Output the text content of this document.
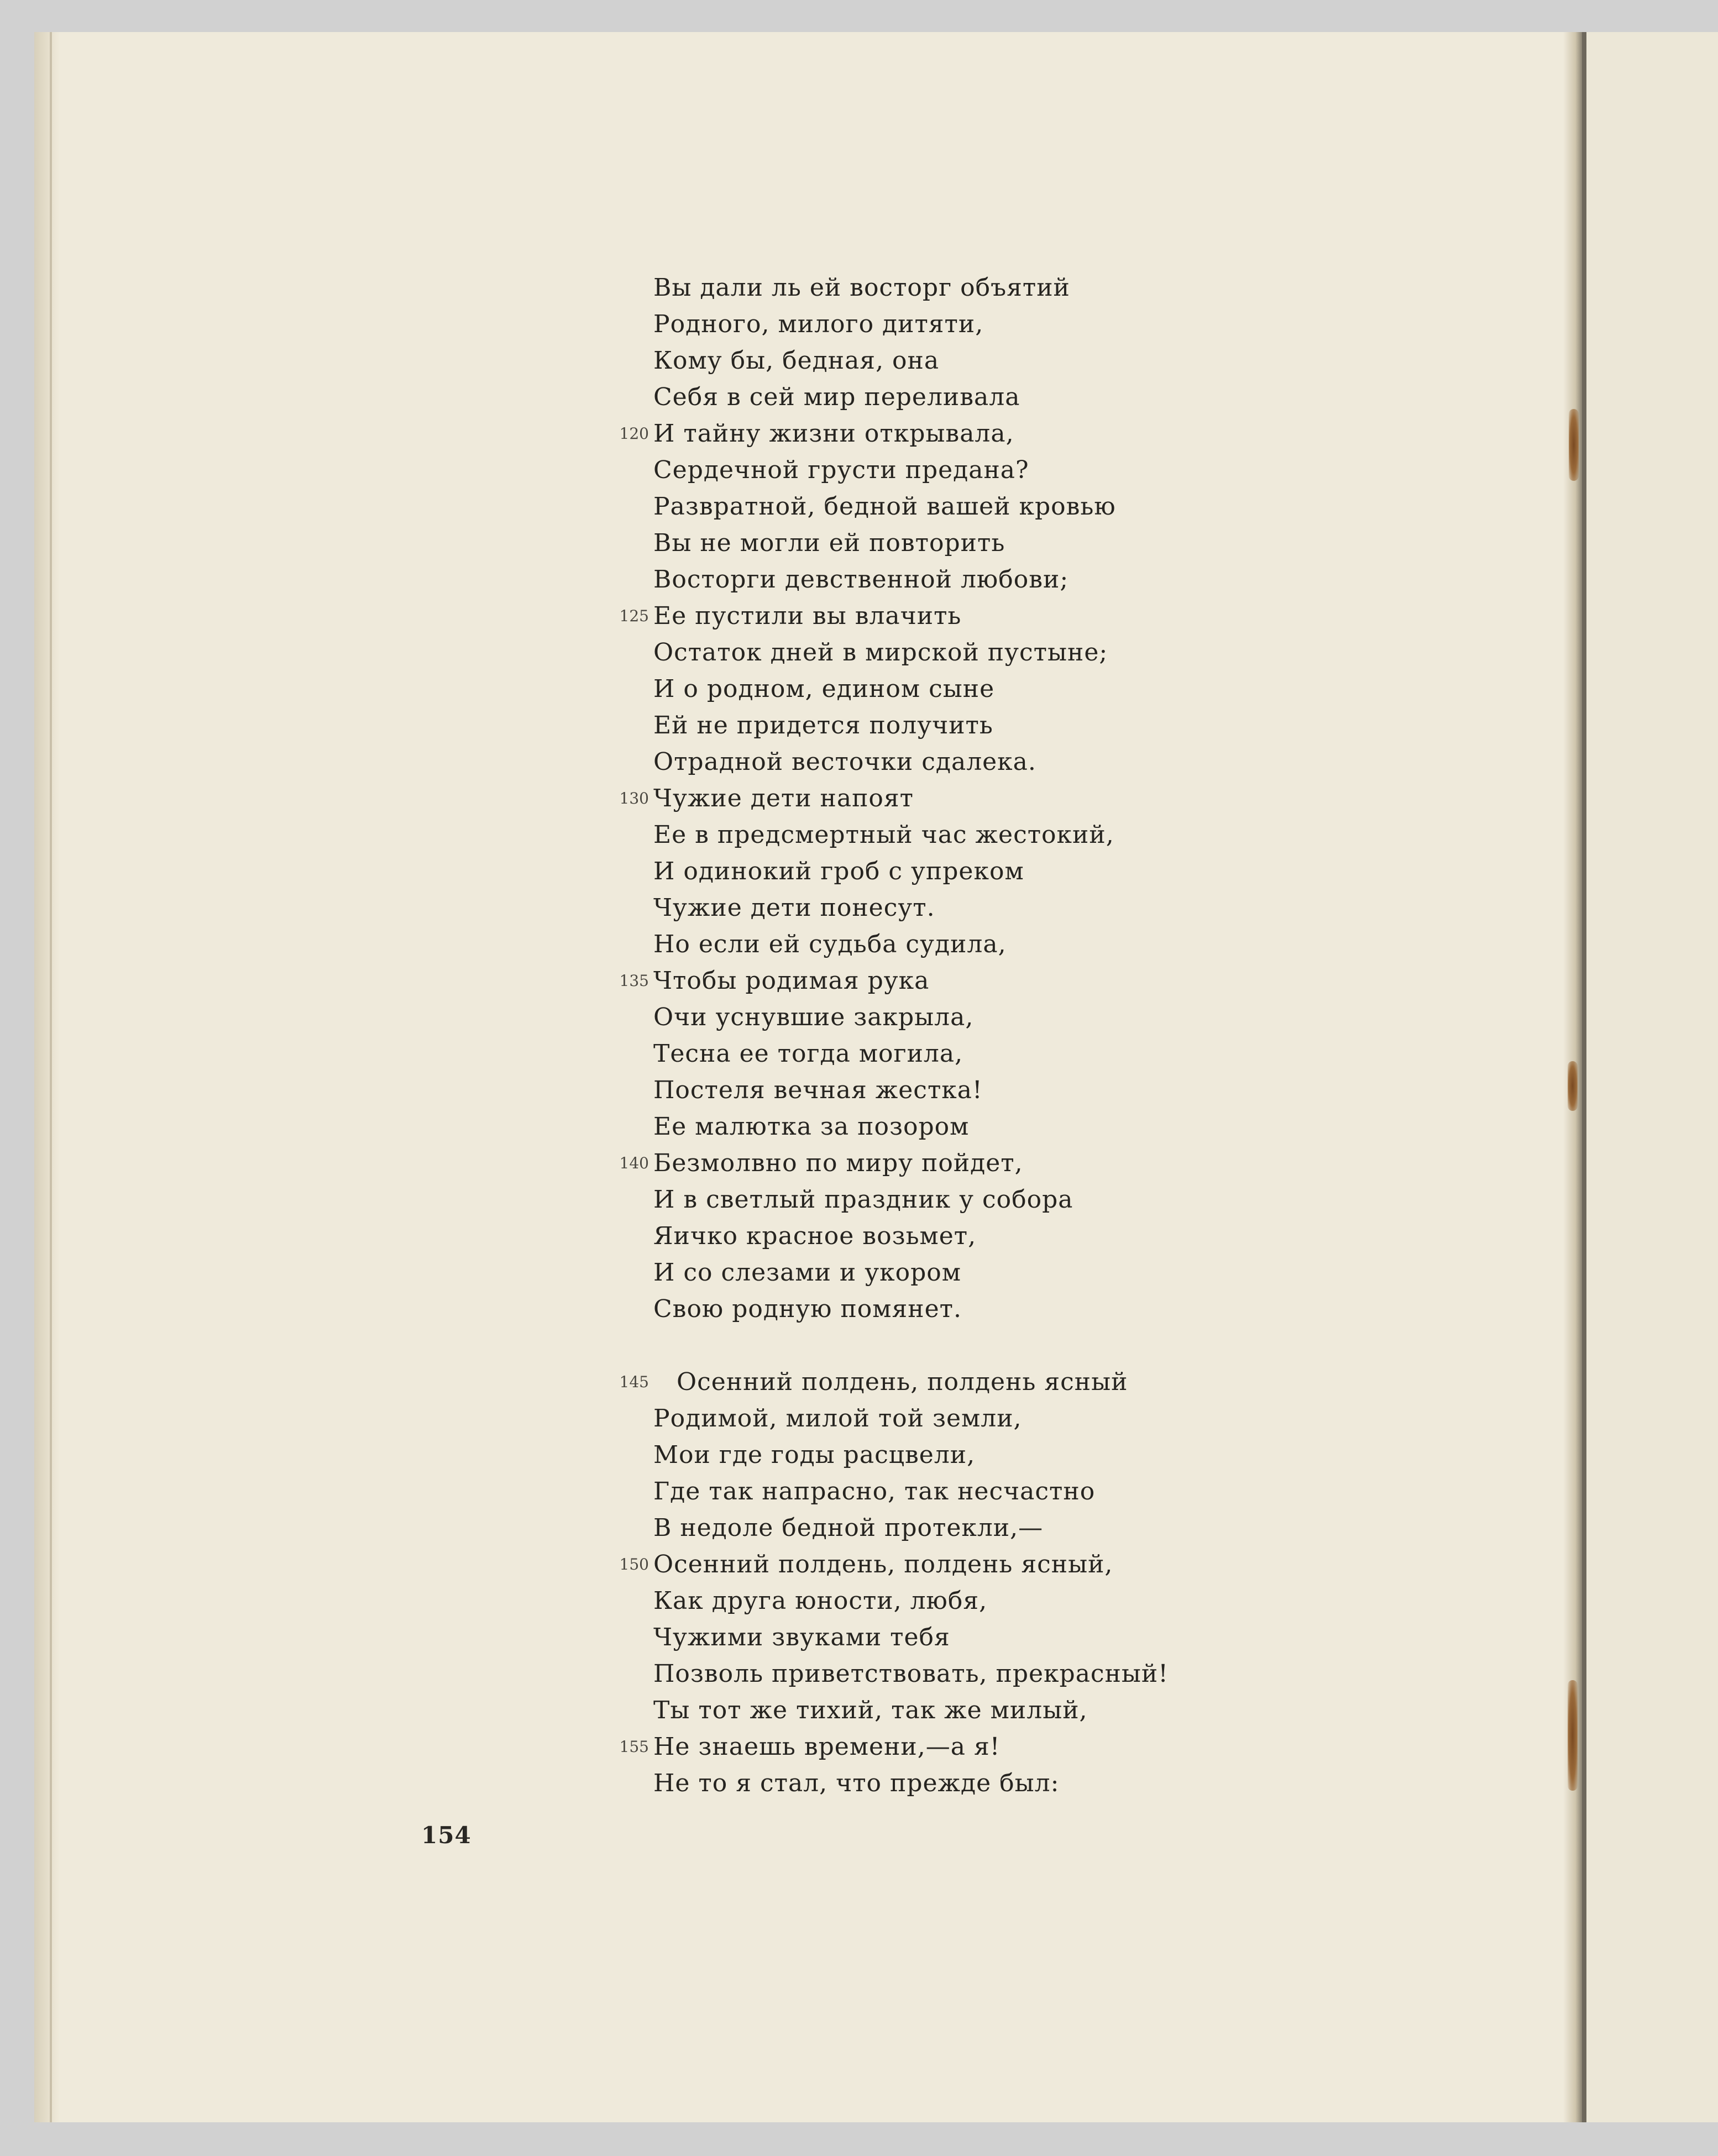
Вы дали ль ей восторг объятий
Родного, милого дитяти,
Кому бы, бедная, она
Себя в сей мир переливала
120 И тайну жизни открывала,
Сердечной грусти предана?
Развратной, бедной вашей кровью
Вы не могли ей повторить
Восторги девственной любови;
125 Ее пустили вы влачить
Остаток дней в мирской пустыне;
И о родном, едином сыне
Ей не придется получить
Отрадной весточки сдалека.
130 Чужие дети напоят
Ее в предсмертный час жестокий,
И одинокий гроб с упреком
Чужие дети понесут.
Но если ей судьба судила,
135 Чтобы родимая рука
Очи уснувшие закрыла,
Тесна ее тогда могила,
Постеля вечная жестка!
Ее малютка за позором
140 Безмолвно по миру пойдет,
И в светлый праздник у собора
Яичко красное возьмет,
И со слезами и укором
Свою родную помянет.
145 Осенний полдень, полдень ясный
Родимой, милой той земли,
Мои где годы расцвели,
Где так напрасно, так несчастно
В недоле бедной протекли,—
150 Осенний полдень, полдень ясный,
Как друга юности, любя,
Чужими звуками тебя
Позволь приветствовать, прекрасный!
Ты тот же тихий, так же милый,
155 Не знаешь времени,—а я!
Не то я стал, что прежде был:
154
